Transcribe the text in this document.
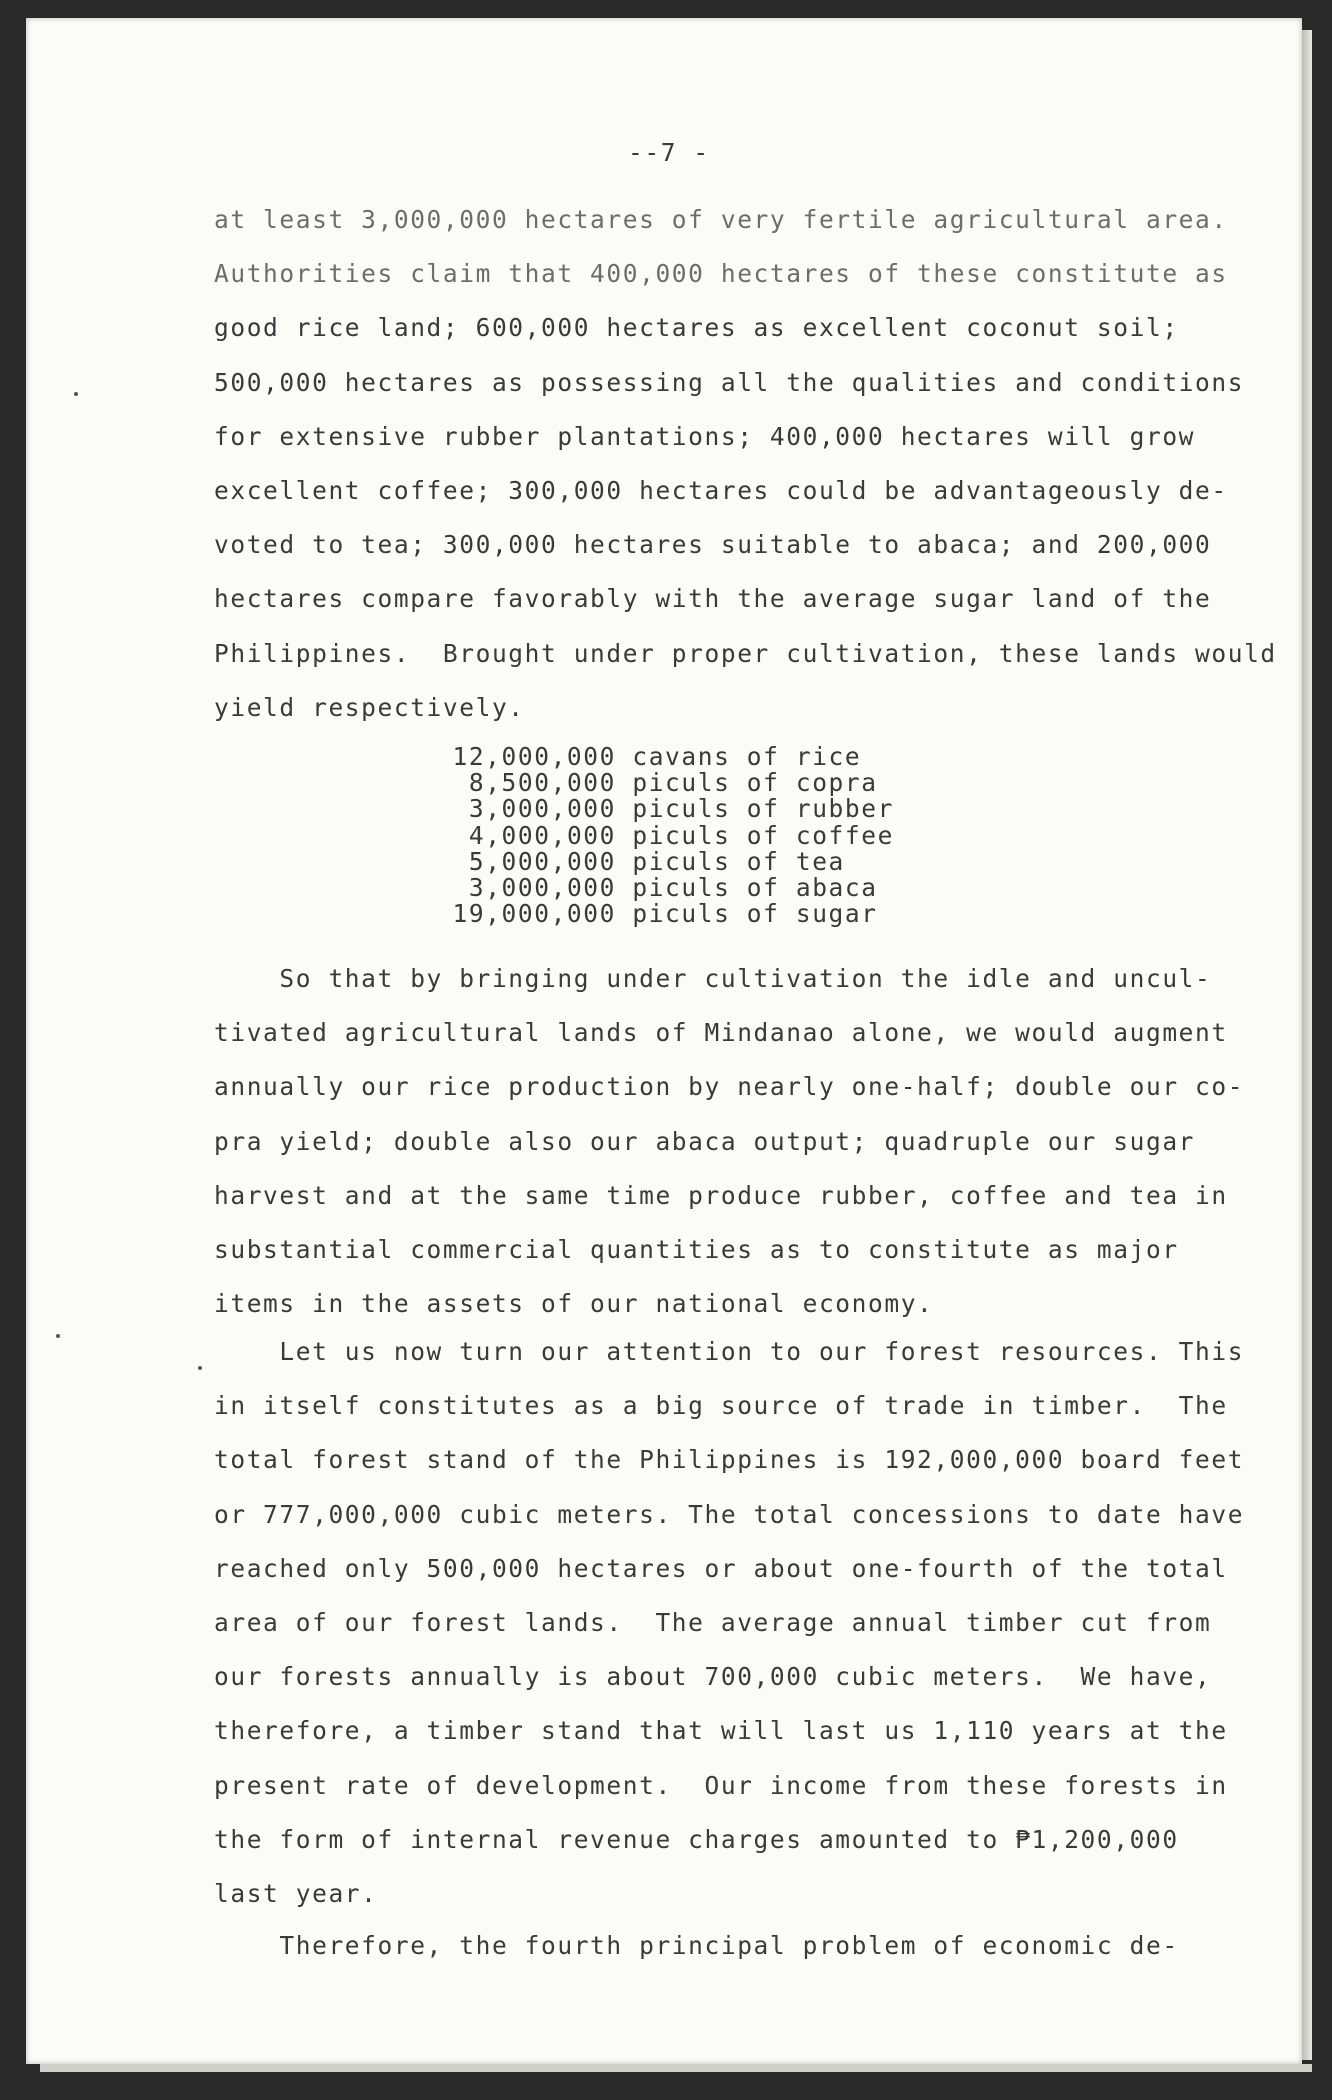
--7 -

at least 3,000,000 hectares of very fertile agricultural area.

Authorities claim that 400,000 hectares of these constitute as

good rice land; 600,000 hectares as excellent coconut soil;

500,000 hectares as possessing all the qualities and conditions

for extensive rubber plantations; 400,000 hectares will grow

excellent coffee; 300,000 hectares could be advantageously de-

voted to tea; 300,000 hectares suitable to abaca; and 200,000

hectares compare favorably with the average sugar land of the

Philippines.  Brought under proper cultivation, these lands would

yield respectively.

12,000,000 cavans of rice
8,500,000 piculs of copra
3,000,000 piculs of rubber
4,000,000 piculs of coffee
5,000,000 piculs of tea
3,000,000 piculs of abaca
19,000,000 piculs of sugar

So that by bringing under cultivation the idle and uncul-

tivated agricultural lands of Mindanao alone, we would augment

annually our rice production by nearly one-half; double our co-

pra yield; double also our abaca output; quadruple our sugar

harvest and at the same time produce rubber, coffee and tea in

substantial commercial quantities as to constitute as major

items in the assets of our national economy.

Let us now turn our attention to our forest resources. This

in itself constitutes as a big source of trade in timber.  The

total forest stand of the Philippines is 192,000,000 board feet

or 777,000,000 cubic meters. The total concessions to date have

reached only 500,000 hectares or about one-fourth of the total

area of our forest lands.  The average annual timber cut from

our forests annually is about 700,000 cubic meters.  We have,

therefore, a timber stand that will last us 1,110 years at the

present rate of development.  Our income from these forests in

the form of internal revenue charges amounted to ₱1,200,000

last year.

Therefore, the fourth principal problem of economic de-
